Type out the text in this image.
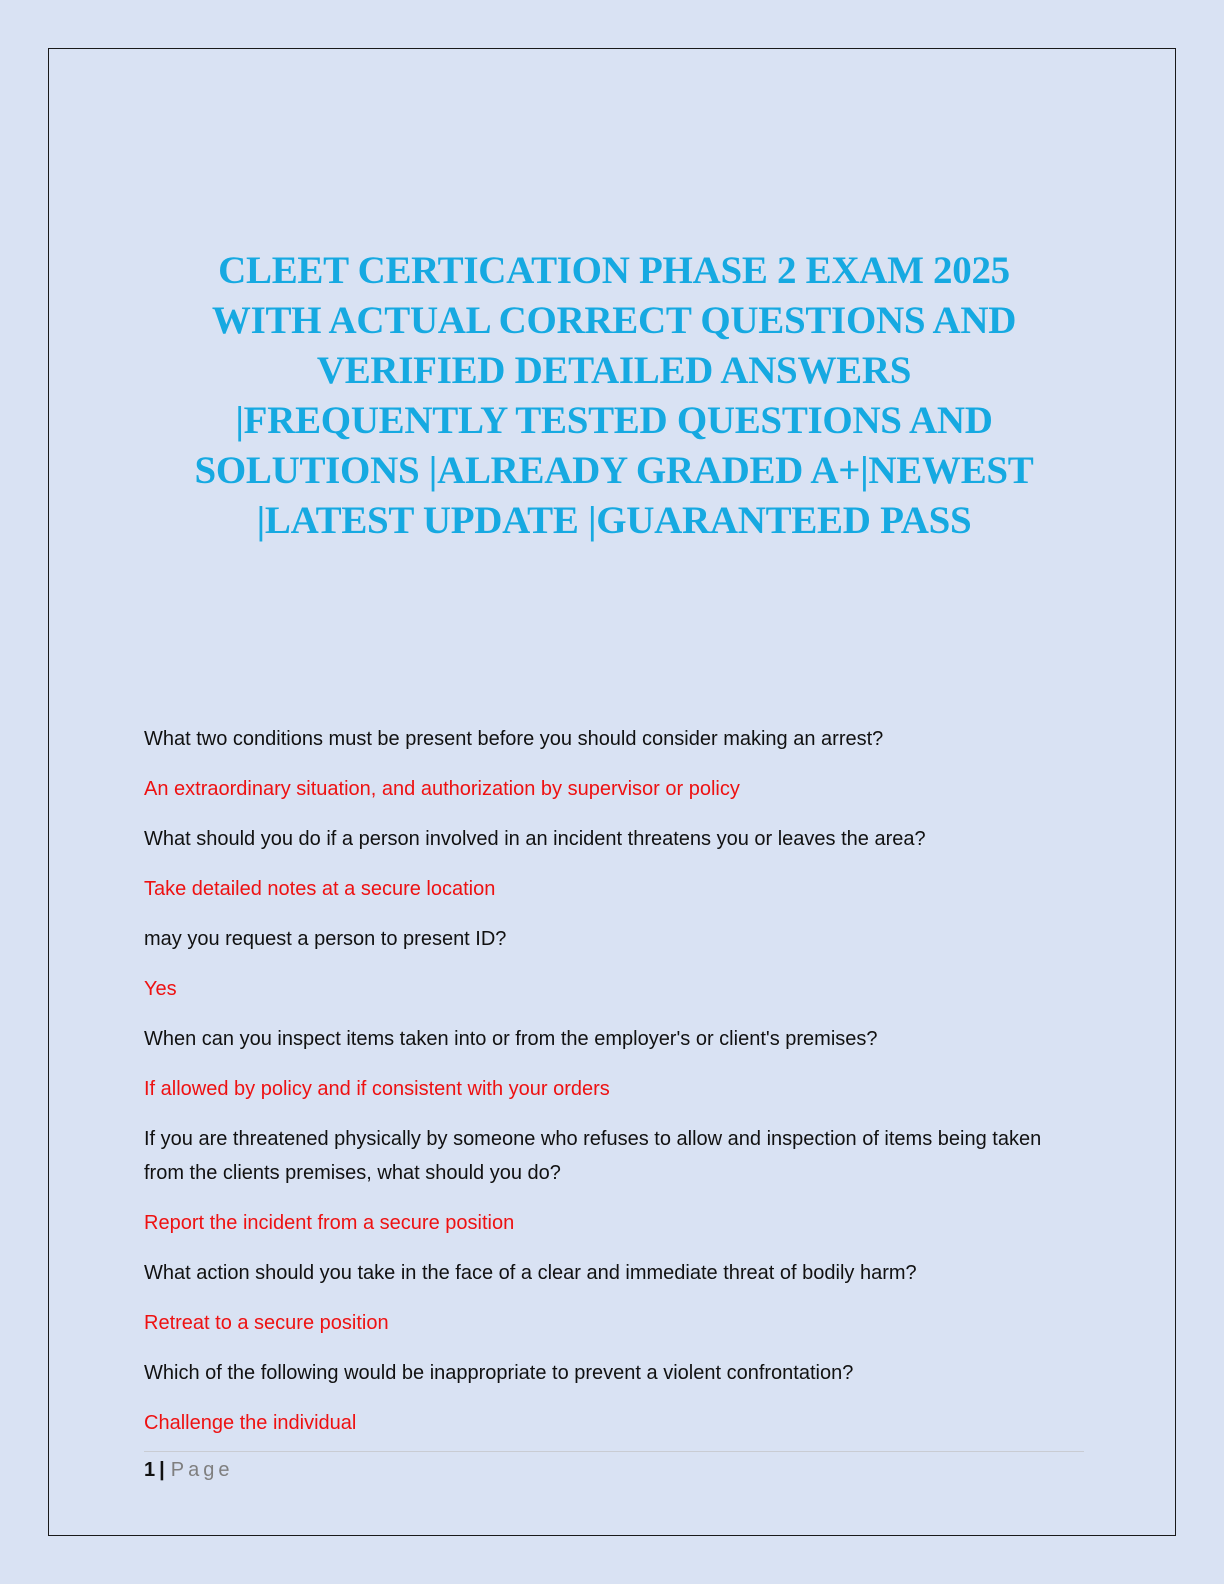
CLEET CERTICATION PHASE 2 EXAM 2025
WITH ACTUAL CORRECT QUESTIONS AND
VERIFIED DETAILED ANSWERS
|FREQUENTLY TESTED QUESTIONS AND
SOLUTIONS |ALREADY GRADED A+|NEWEST
|LATEST UPDATE |GUARANTEED PASS

What two conditions must be present before you should consider making an arrest?

An extraordinary situation, and authorization by supervisor or policy

What should you do if a person involved in an incident threatens you or leaves the area?

Take detailed notes at a secure location

may you request a person to present ID?

Yes

When can you inspect items taken into or from the employer's or client's premises?

If allowed by policy and if consistent with your orders

If you are threatened physically by someone who refuses to allow and inspection of items being taken from the clients premises, what should you do?

Report the incident from a secure position

What action should you take in the face of a clear and immediate threat of bodily harm?

Retreat to a secure position

Which of the following would be inappropriate to prevent a violent confrontation?

Challenge the individual

1 | Page
